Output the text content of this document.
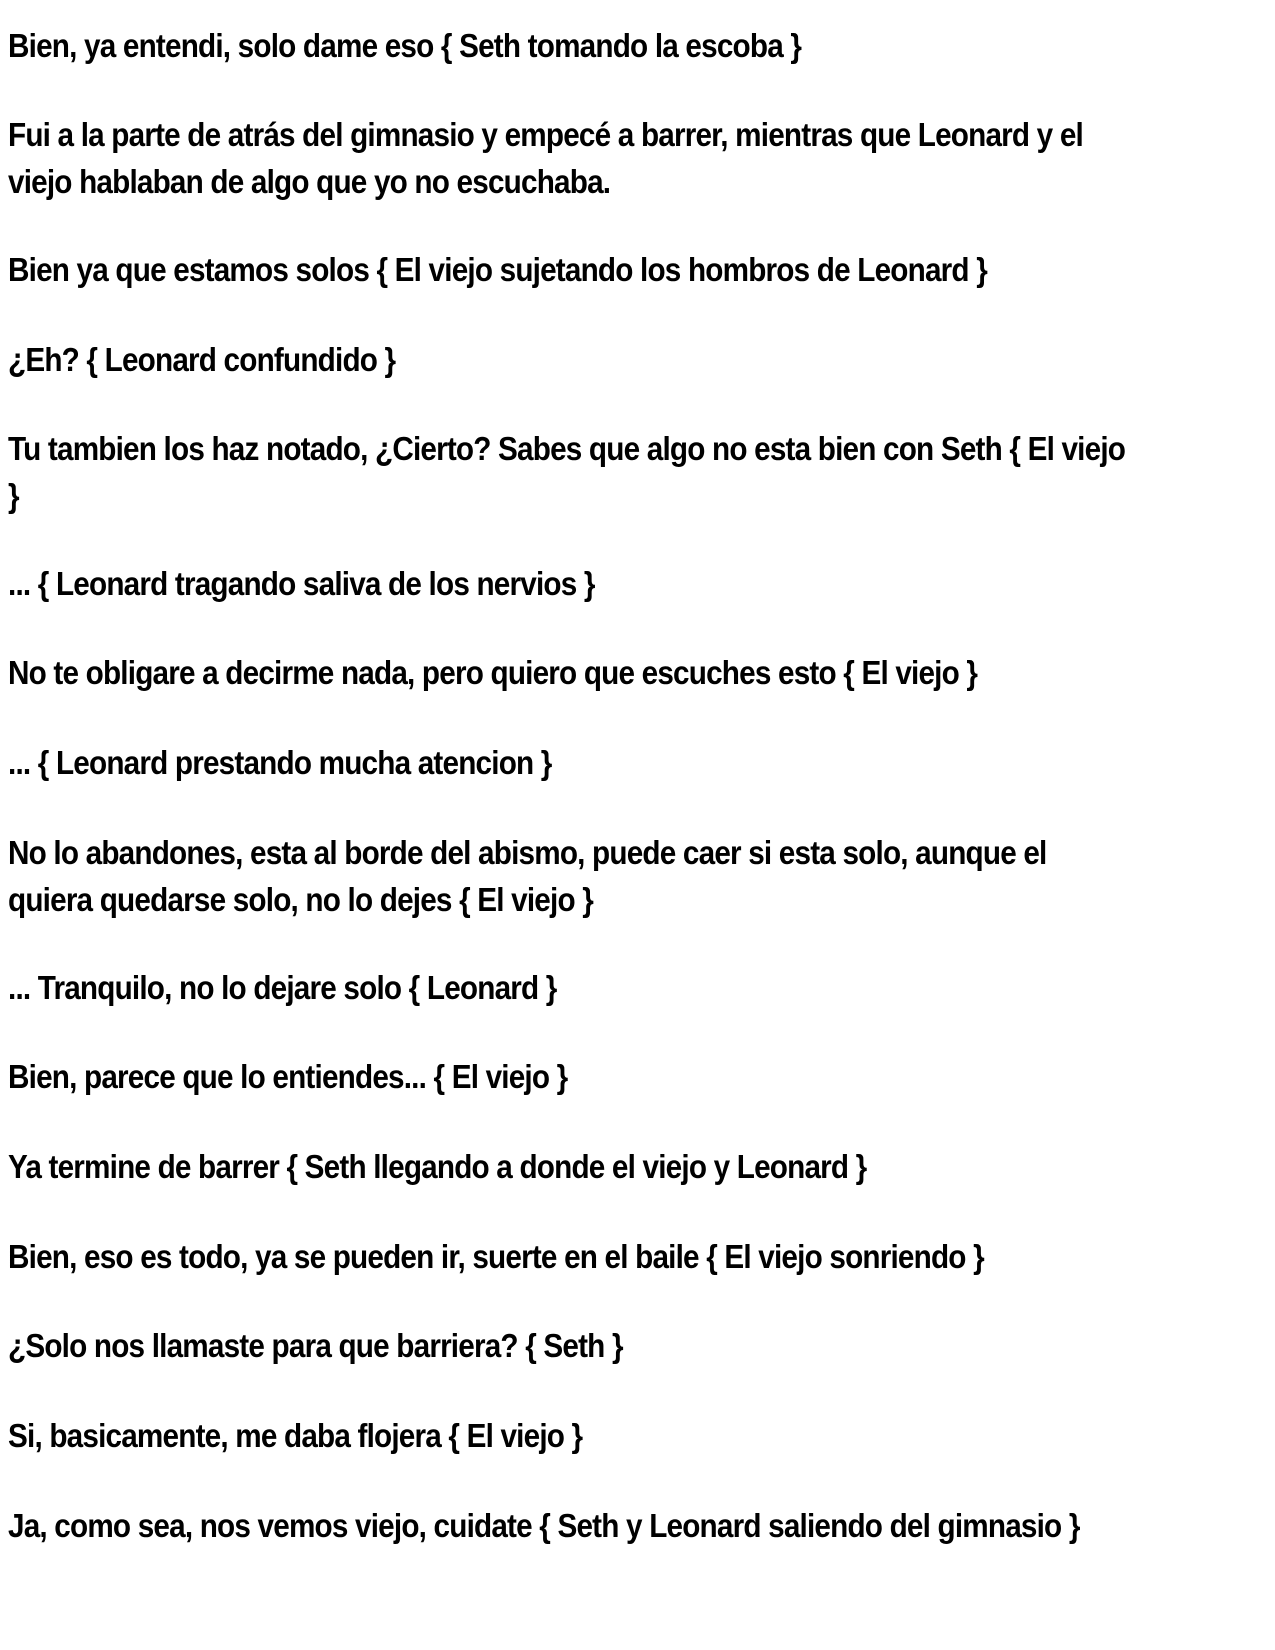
Bien, ya entendi, solo dame eso { Seth tomando la escoba }

Fui a la parte de atrás del gimnasio y empecé a barrer, mientras que Leonard y el viejo hablaban de algo que yo no escuchaba.

Bien ya que estamos solos { El viejo sujetando los hombros de Leonard }

¿Eh? { Leonard confundido }

Tu tambien los haz notado, ¿Cierto? Sabes que algo no esta bien con Seth { El viejo }

... { Leonard tragando saliva de los nervios }

No te obligare a decirme nada, pero quiero que escuches esto { El viejo }

... { Leonard prestando mucha atencion }

No lo abandones, esta al borde del abismo, puede caer si esta solo, aunque el quiera quedarse solo, no lo dejes { El viejo }

... Tranquilo, no lo dejare solo { Leonard }

Bien, parece que lo entiendes... { El viejo }

Ya termine de barrer { Seth llegando a donde el viejo y Leonard }

Bien, eso es todo, ya se pueden ir, suerte en el baile { El viejo sonriendo }

¿Solo nos llamaste para que barriera? { Seth }

Si, basicamente, me daba flojera { El viejo }

Ja, como sea, nos vemos viejo, cuidate { Seth y Leonard saliendo del gimnasio }
